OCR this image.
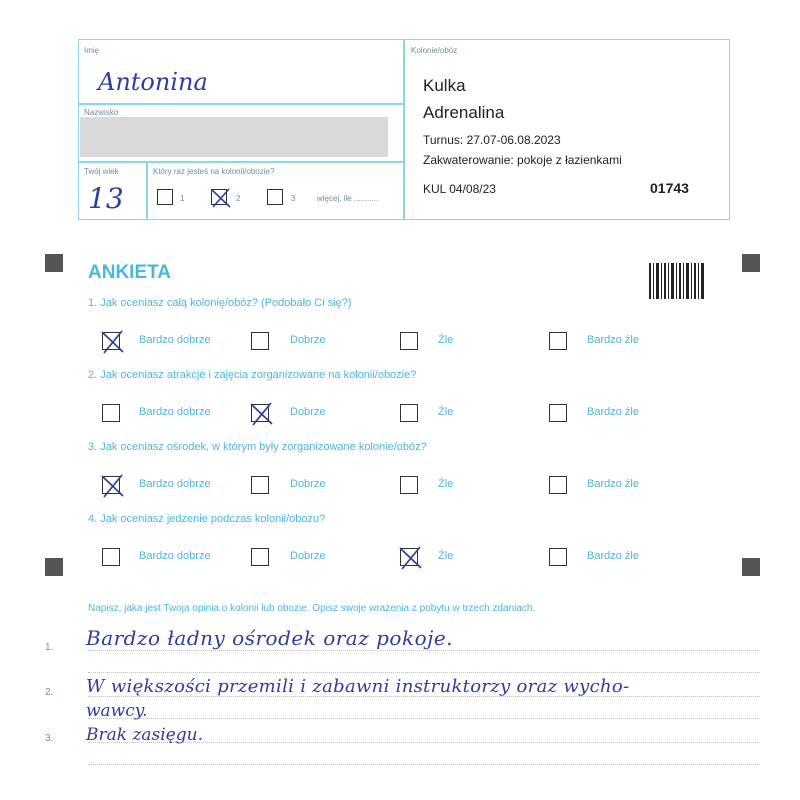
Imię
Antonina
Nazwisko
Twój wiek
13
Który raz jesteś na kolonii/obozie?
1	2	3	więcej, ile ...........
Kolonie/obóz
Kulka
Adrenalina
Turnus: 27.07-06.08.2023
Zakwaterowanie: pokoje z łazienkami
KUL 04/08/23	01743
ANKIETA
1. Jak oceniasz całą kolonię/obóz? (Podobało Ci się?)
2. Jak oceniasz atrakcje i zajęcia zorganizowane na kolonii/obozie?
3. Jak oceniasz ośrodek, w którym były zorganizowane kolonie/obóz?
4. Jak oceniasz jedzenie podczas kolonii/obozu?
Bardzo dobrze	Dobrze	Źle	Bardzo źle
Bardzo dobrze	Dobrze	Źle	Bardzo źle
Bardzo dobrze	Dobrze	Źle	Bardzo źle
Bardzo dobrze	Dobrze	Źle	Bardzo źle
Napisz, jaka jest Twoja opinia o kolonii lub obozie. Opisz swoje wrażenia z pobytu w trzech zdaniach.
1.
2.
3.
Bardzo ładny ośrodek oraz pokoje.
W większości przemili i zabawni instruktorzy oraz wycho-
wawcy.
Brak zasięgu.
